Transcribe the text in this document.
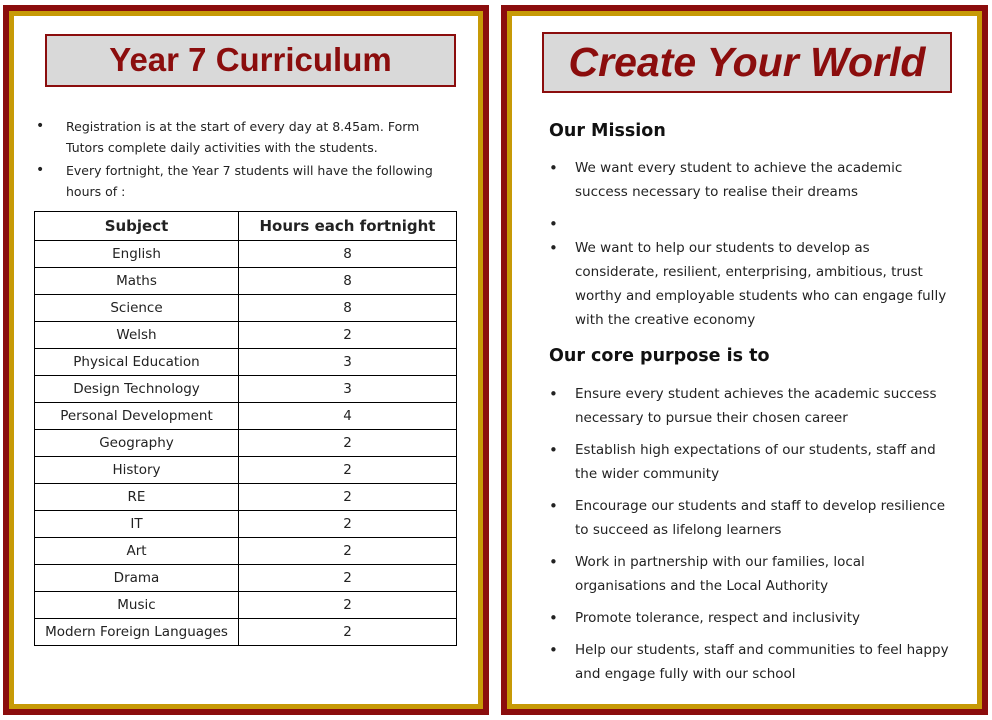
Year 7 Curriculum
• Registration is at the start of every day at 8.45am. Form Tutors complete daily activities with the students.
• Every fortnight, the Year 7 students will have the following hours of :
Subject	Hours each fortnight
English	8
Maths	8
Science	8
Welsh	2
Physical Education	3
Design Technology	3
Personal Development	4
Geography	2
History	2
RE	2
IT	2
Art	2
Drama	2
Music	2
Modern Foreign Languages	2
Create Your World
Our Mission
• We want every student to achieve the academic success necessary to realise their dreams
•
• We want to help our students to develop as considerate, resilient, enterprising, ambitious, trust worthy and employable students who can engage fully with the creative economy
Our core purpose is to
• Ensure every student achieves the academic success necessary to pursue their chosen career
• Establish high expectations of our students, staff and the wider community
• Encourage our students and staff to develop resilience to succeed as lifelong learners
• Work in partnership with our families, local organisations and the Local Authority
• Promote tolerance, respect and inclusivity
• Help our students, staff and communities to feel happy and engage fully with our school
